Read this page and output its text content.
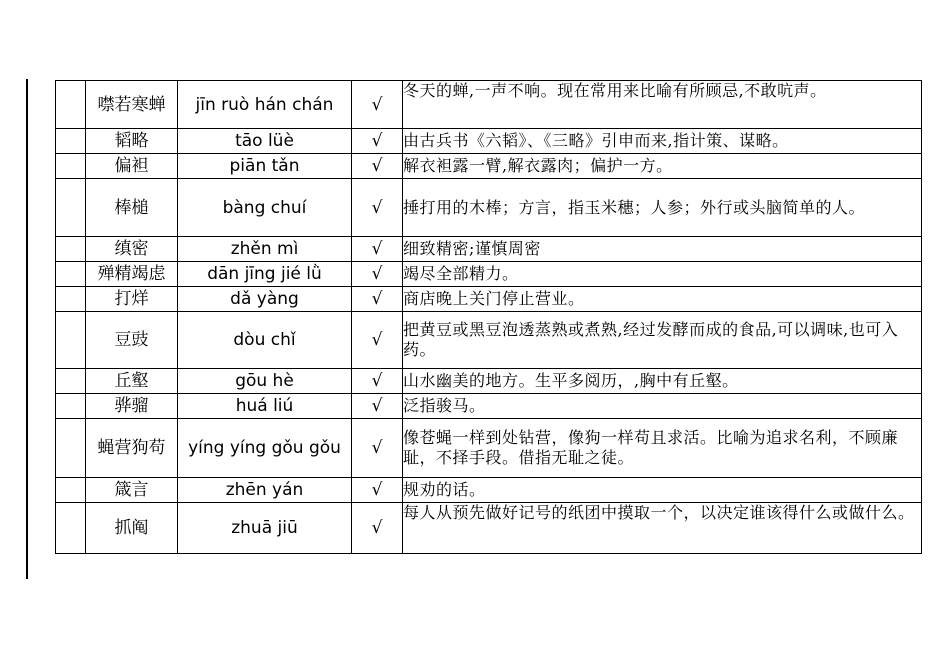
	噤若寒蝉	jīn ruò hán chán	√	冬天的蝉,一声不响。现在常用来比喻有所顾忌,不敢吭声。
	韬略	tāo lüè	√	由古兵书《六韬》、《三略》引申而来,指计策、谋略。
	偏袒	piān tǎn	√	解衣袒露一臂,解衣露肉；偏护一方。
	棒槌	bàng chuí	√	捶打用的木棒；方言，指玉米穗；人参；外行或头脑简单的人。
	缜密	zhěn mì	√	细致精密;谨慎周密
	殚精竭虑	dān jīng jié lǜ	√	竭尽全部精力。
	打烊	dǎ yàng	√	商店晚上关门停止营业。
	豆豉	dòu chǐ	√	把黄豆或黑豆泡透蒸熟或煮熟,经过发酵而成的食品,可以调味,也可入药。
	丘壑	gōu hè	√	山水幽美的地方。生平多阅历，,胸中有丘壑。
	骅骝	huá liú	√	泛指骏马。
	蝇营狗苟	yíng yíng gǒu gǒu	√	像苍蝇一样到处钻营，像狗一样苟且求活。比喻为追求名利，不顾廉耻，不择手段。借指无耻之徒。
	箴言	zhēn yán	√	规劝的话。
	抓阄	zhuā jiū	√	每人从预先做好记号的纸团中摸取一个，以决定谁该得什么或做什么。
